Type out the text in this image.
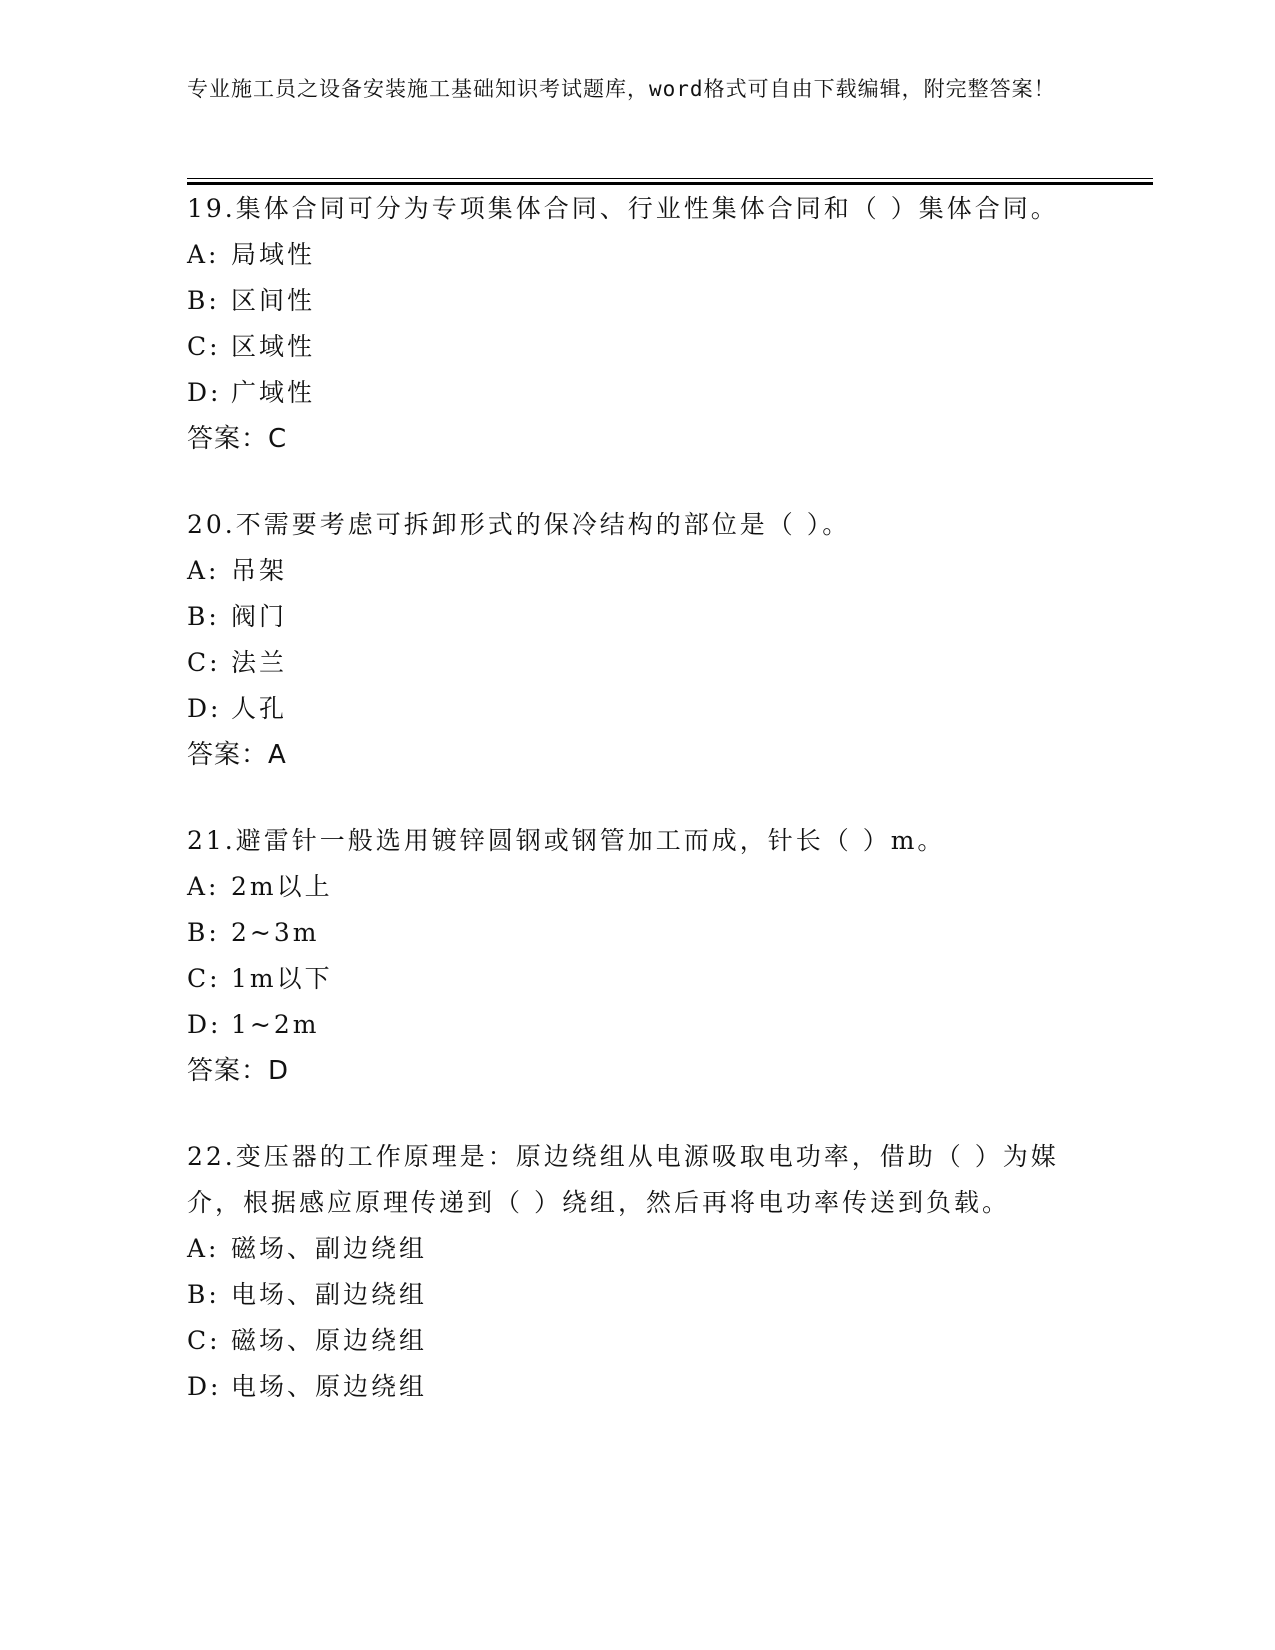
专业施工员之设备安装施工基础知识考试题库，word格式可自由下载编辑，附完整答案！

19.集体合同可分为专项集体合同、行业性集体合同和（ ）集体合同。

A: 局域性

B: 区间性

C: 区域性

D: 广域性

答案：C

20.不需要考虑可拆卸形式的保冷结构的部位是（ ）。

A: 吊架

B: 阀门

C: 法兰

D: 人孔

答案：A

21.避雷针一般选用镀锌圆钢或钢管加工而成，针长（ ）m。

A: 2m以上

B: 2~3m

C: 1m以下

D: 1~2m

答案：D

22.变压器的工作原理是：原边绕组从电源吸取电功率，借助（ ）为媒介，根据感应原理传递到（ ）绕组，然后再将电功率传送到负载。

A: 磁场、副边绕组

B: 电场、副边绕组

C: 磁场、原边绕组

D: 电场、原边绕组
